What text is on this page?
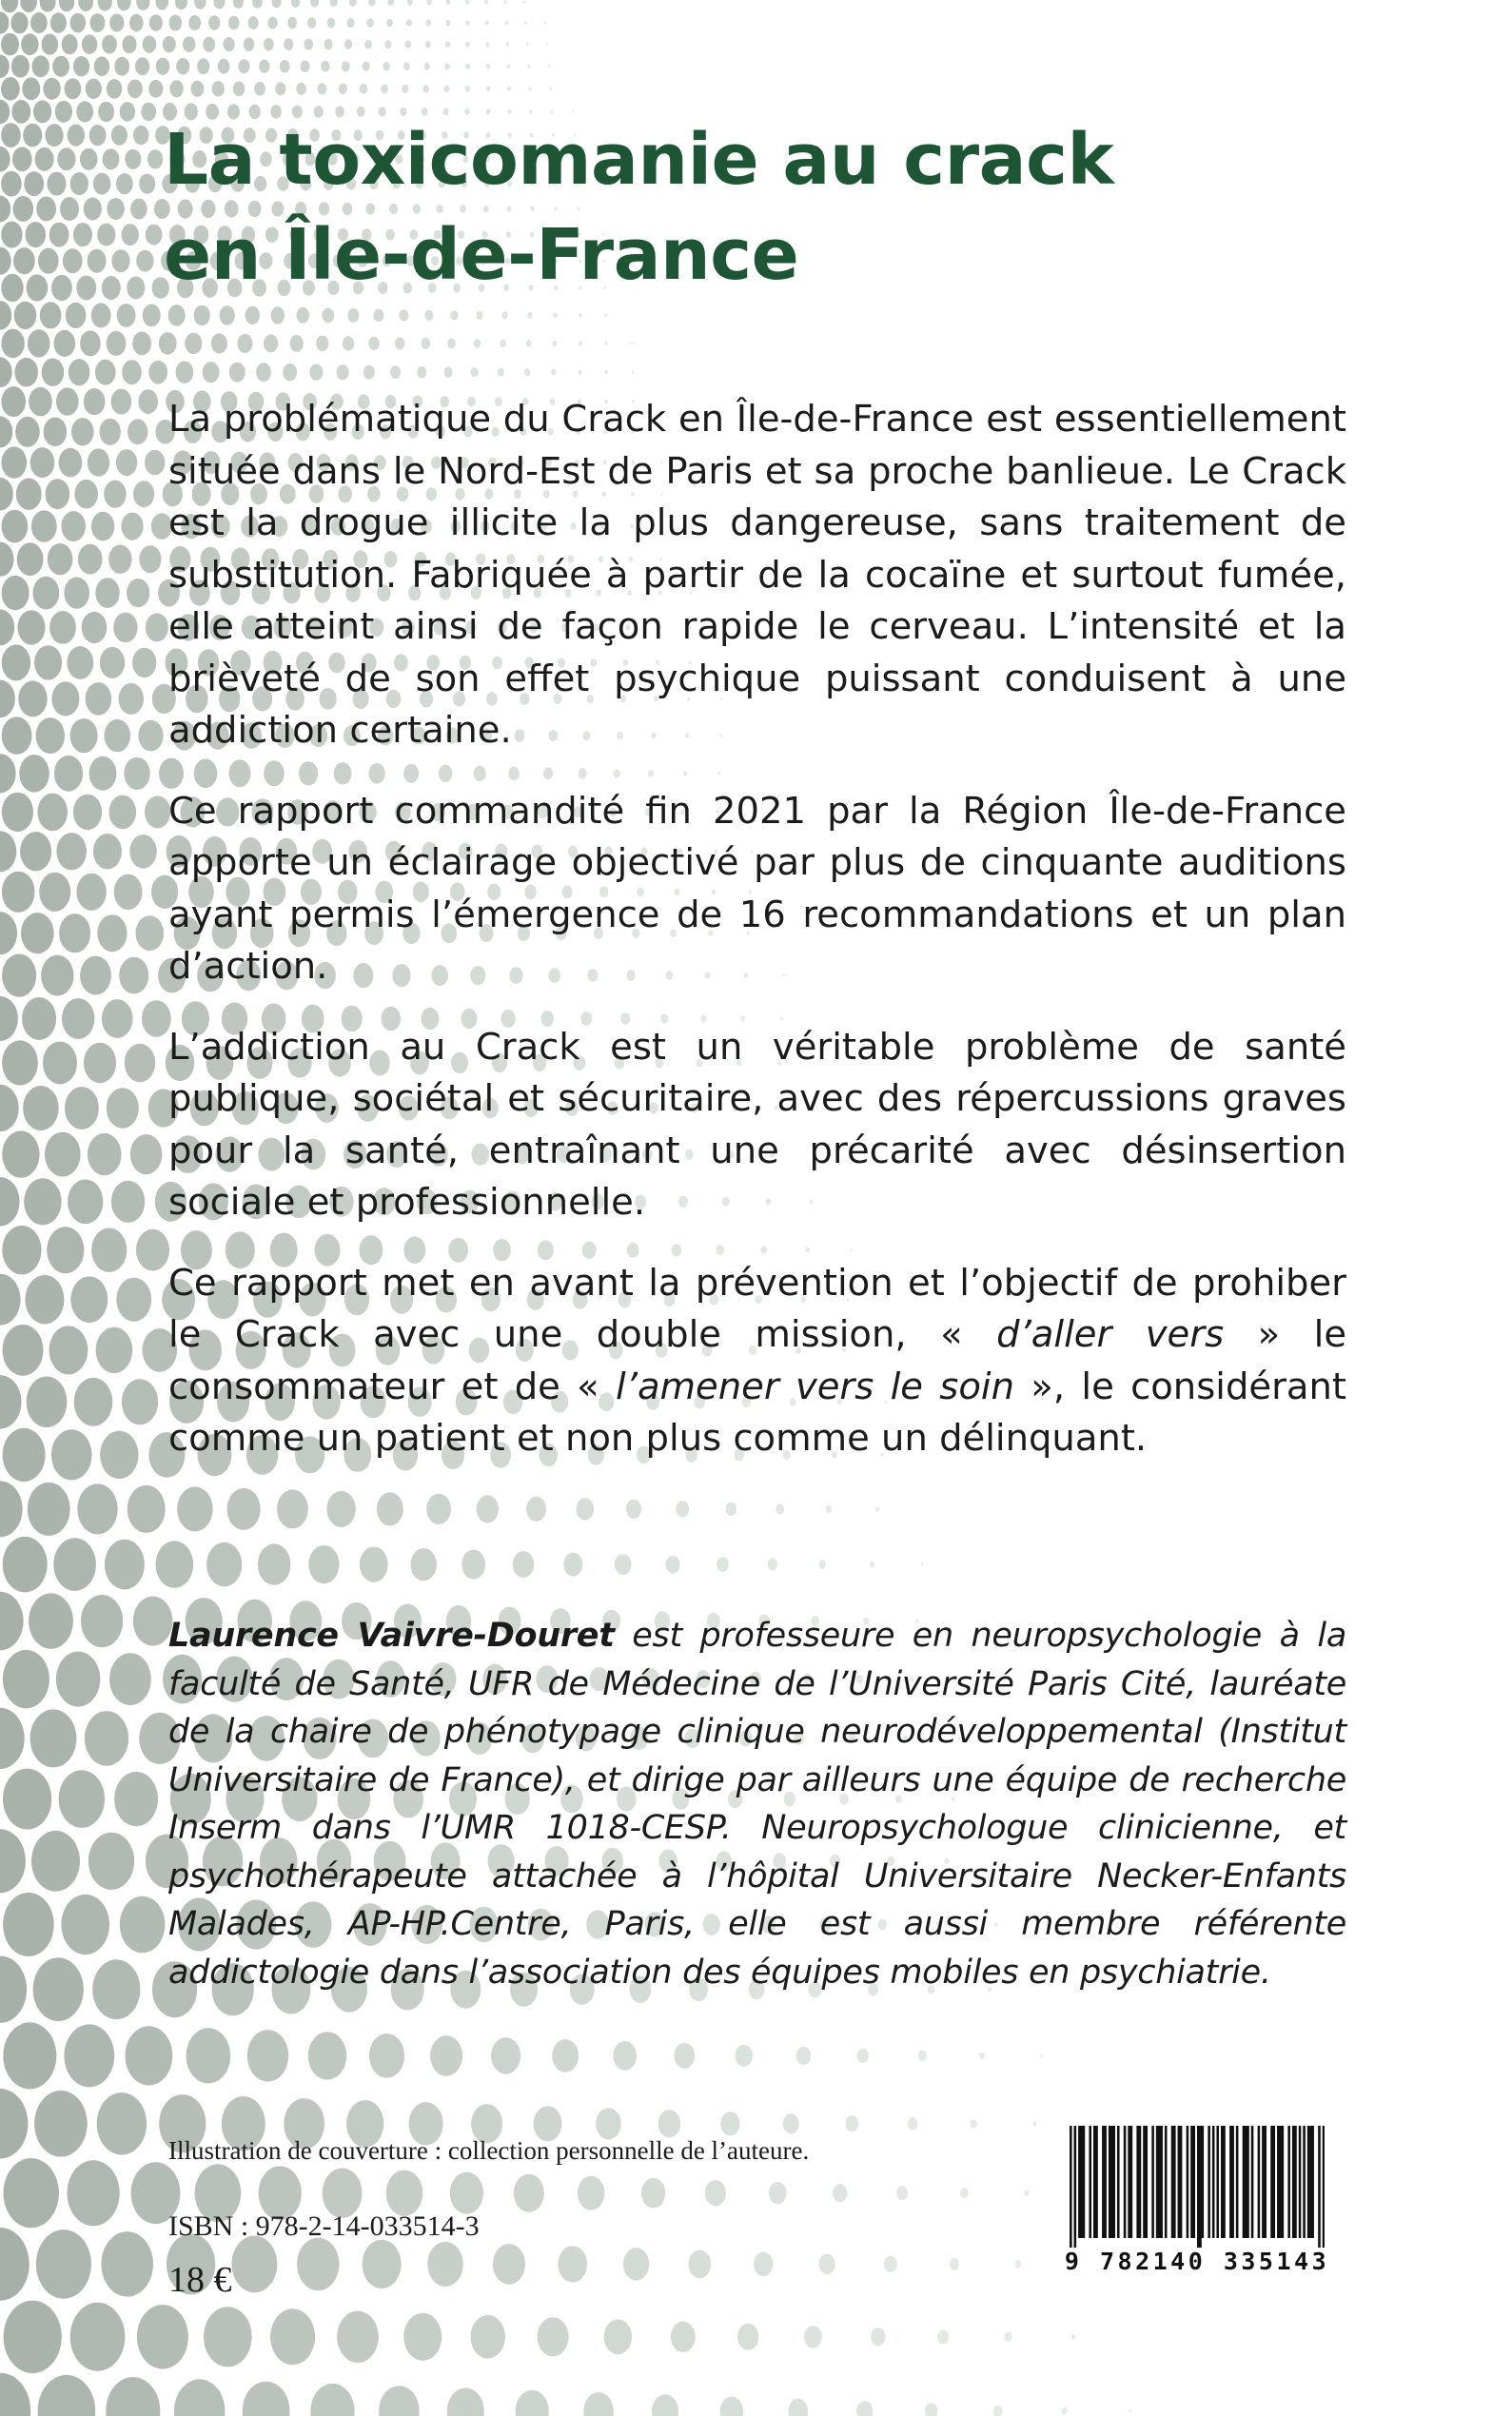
La toxicomanie au crack
en Île-de-France

La problématique du Crack en Île-de-France est essentiellement située dans le Nord-Est de Paris et sa proche banlieue. Le Crack est la drogue illicite la plus dangereuse, sans traitement de substitution. Fabriquée à partir de la cocaïne et surtout fumée, elle atteint ainsi de façon rapide le cerveau. L’intensité et la brièveté de son effet psychique puissant conduisent à une addiction certaine.

Ce rapport commandité fin 2021 par la Région Île-de-France apporte un éclairage objectivé par plus de cinquante auditions ayant permis l’émergence de 16 recommandations et un plan d’action.

L’addiction au Crack est un véritable problème de santé publique, sociétal et sécuritaire, avec des répercussions graves pour la santé, entraînant une précarité avec désinsertion sociale et professionnelle.

Ce rapport met en avant la prévention et l’objectif de prohiber le Crack avec une double mission, « d’aller vers » le consommateur et de « l’amener vers le soin », le considérant comme un patient et non plus comme un délinquant.

Laurence Vaivre-Douret est professeure en neuropsychologie à la faculté de Santé, UFR de Médecine de l’Université Paris Cité, lauréate de la chaire de phénotypage clinique neurodéveloppemental (Institut Universitaire de France), et dirige par ailleurs une équipe de recherche Inserm dans l’UMR 1018-CESP. Neuropsychologue clinicienne, et psychothérapeute attachée à l’hôpital Universitaire Necker-Enfants Malades, AP-HP.Centre, Paris, elle est aussi membre référente addictologie dans l’association des équipes mobiles en psychiatrie.

Illustration de couverture : collection personnelle de l’auteure.
ISBN : 978-2-14-033514-3
18 €	9 782140 335143
